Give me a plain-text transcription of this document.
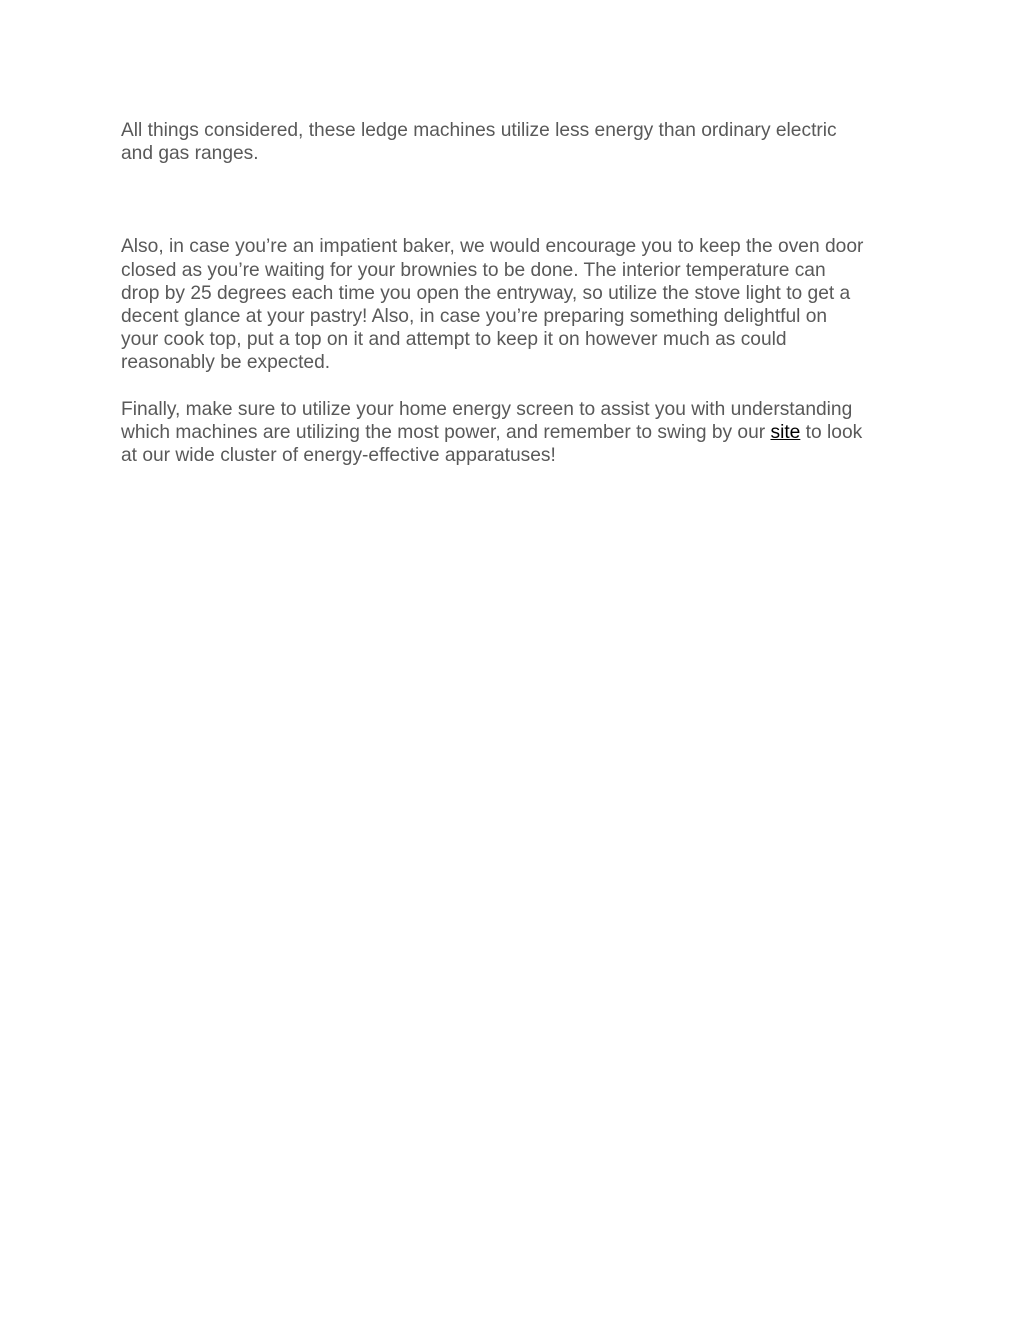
All things considered, these ledge machines utilize less energy than ordinary electric
and gas ranges.

Also, in case you’re an impatient baker, we would encourage you to keep the oven door
closed as you’re waiting for your brownies to be done. The interior temperature can
drop by 25 degrees each time you open the entryway, so utilize the stove light to get a
decent glance at your pastry! Also, in case you’re preparing something delightful on
your cook top, put a top on it and attempt to keep it on however much as could
reasonably be expected.

Finally, make sure to utilize your home energy screen to assist you with understanding
which machines are utilizing the most power, and remember to swing by our site to look
at our wide cluster of energy-effective apparatuses!
